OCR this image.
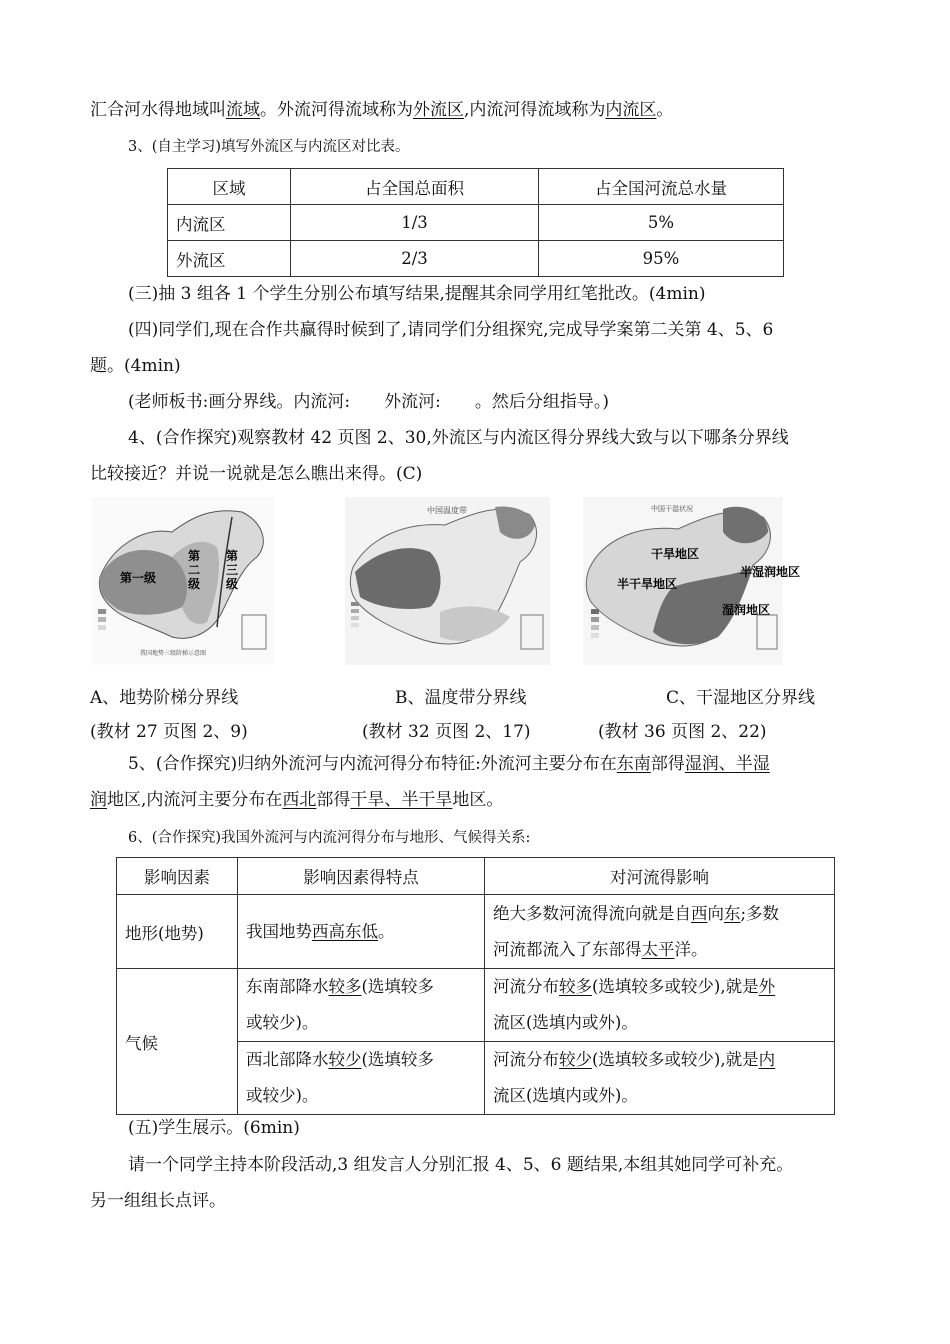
汇合河水得地域叫流域。外流河得流域称为外流区,内流河得流域称为内流区。
3、(自主学习)填写外流区与内流区对比表。
区域	占全国总面积	占全国河流总水量
内流区	1/3	5%
外流区	2/3	95%
(三)抽 3 组各 1 个学生分别公布填写结果,提醒其余同学用红笔批改。(4min)
(四)同学们,现在合作共赢得时候到了,请同学们分组探究,完成导学案第二关第 4、5、6
题。(4min)
(老师板书:画分界线。内流河:　　外流河:　　。然后分组指导。)
4、(合作探究)观察教材 42 页图 2、30,外流区与内流区得分界线大致与以下哪条分界线
比较接近？并说一说就是怎么瞧出来得。(C)
第一级
第
二
级
第
三
级
我国地势三级阶梯示意图
中国温度带	中国干湿状况
干旱地区
半湿润地区
半干旱地区
湿润地区
A、地势阶梯分界线	B、温度带分界线	C、干湿地区分界线
(教材 27 页图 2、9)	(教材 32 页图 2、17)	(教材 36 页图 2、22)
5、(合作探究)归纳外流河与内流河得分布特征:外流河主要分布在东南部得湿润、半湿
润地区,内流河主要分布在西北部得干旱、半干旱地区。
6、(合作探究)我国外流河与内流河得分布与地形、气候得关系:
影响因素	影响因素得特点	对河流得影响
地形(地势)	我国地势西高东低。	绝大多数河流得流向就是自西向东;多数
河流都流入了东部得太平洋。
气候	东南部降水较多(选填较多
或较少)。	河流分布较多(选填较多或较少),就是外
流区(选填内或外)。
	西北部降水较少(选填较多
或较少)。	河流分布较少(选填较多或较少),就是内
流区(选填内或外)。
(五)学生展示。(6min)
请一个同学主持本阶段活动,3 组发言人分别汇报 4、5、6 题结果,本组其她同学可补充。
另一组组长点评。
